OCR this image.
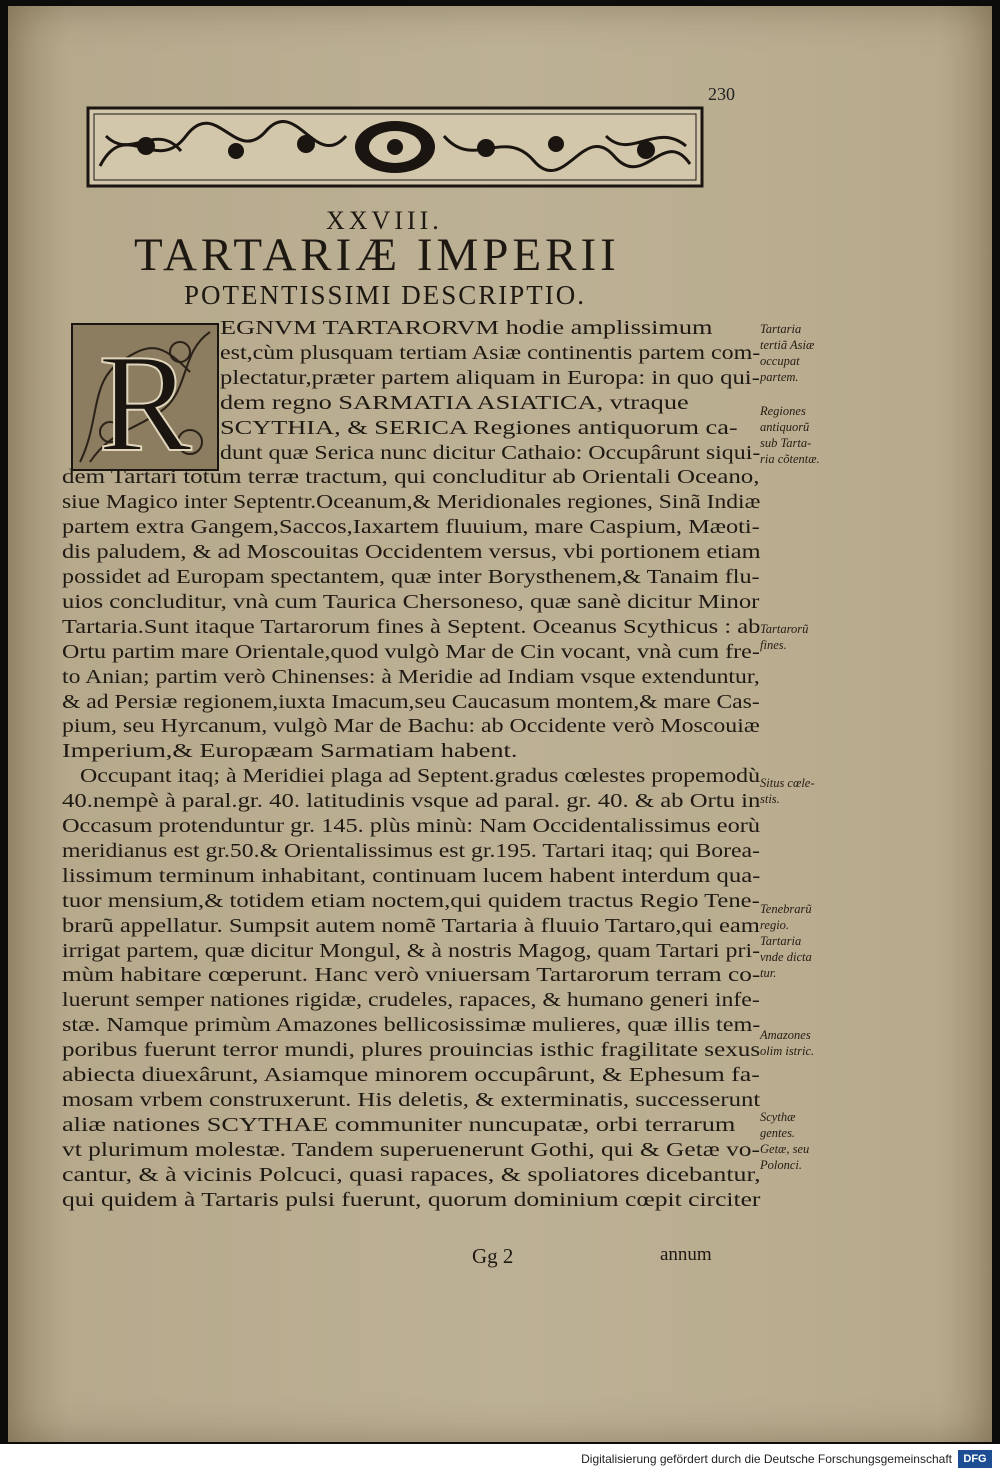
230
XXVIII.
TARTARIÆ IMPERII
POTENTISSIMI DESCRIPTIO.
R EGNVM TARTARORVM hodie amplissimum
est,cùm plusquam tertiam Asiæ continentis partem com-
plectatur,præter partem aliquam in Europa: in quo qui-
dem regno SARMATIA ASIATICA, vtraque
SCYTHIA, & SERICA Regiones antiquorum ca-
dunt quæ Serica nunc dicitur Cathaio: Occupârunt siqui-
dem Tartari totum terræ tractum, qui concluditur ab Orientali Oceano,
siue Magico inter Septentr.Oceanum,& Meridionales regiones, Sinã Indiæ
partem extra Gangem,Saccos,Iaxartem fluuium, mare Caspium, Mæoti-
dis paludem, & ad Moscouitas Occidentem versus, vbi portionem etiam
possidet ad Europam spectantem, quæ inter Borysthenem,& Tanaim flu-
uios concluditur, vnà cum Taurica Chersoneso, quæ sanè dicitur Minor
Tartaria.Sunt itaque Tartarorum fines à Septent. Oceanus Scythicus : ab
Ortu partim mare Orientale,quod vulgò Mar de Cin vocant, vnà cum fre-
to Anian; partim verò Chinenses: à Meridie ad Indiam vsque extenduntur,
& ad Persiæ regionem,iuxta Imacum,seu Caucasum montem,& mare Cas-
pium, seu Hyrcanum, vulgò Mar de Bachu: ab Occidente verò Moscouiæ
Imperium,& Europæam Sarmatiam habent.
Occupant itaq; à Meridiei plaga ad Septent.gradus cœlestes propemodù
40.nempè à paral.gr. 40. latitudinis vsque ad paral. gr. 40. & ab Ortu in
Occasum protenduntur gr. 145. plùs minù: Nam Occidentalissimus eorù
meridianus est gr.50.& Orientalissimus est gr.195. Tartari itaq; qui Borea-
lissimum terminum inhabitant, continuam lucem habent interdum qua-
tuor mensium,& totidem etiam noctem,qui quidem tractus Regio Tene-
brarũ appellatur. Sumpsit autem nomẽ Tartaria à fluuio Tartaro,qui eam
irrigat partem, quæ dicitur Mongul, & à nostris Magog, quam Tartari pri-
mùm habitare cœperunt. Hanc verò vniuersam Tartarorum terram co-
luerunt semper nationes rigidæ, crudeles, rapaces, & humano generi infe-
stæ. Namque primùm Amazones bellicosissimæ mulieres, quæ illis tem-
poribus fuerunt terror mundi, plures prouincias isthic fragilitate sexus
abiecta diuexârunt, Asiamque minorem occupârunt, & Ephesum fa-
mosam vrbem construxerunt. His deletis, & exterminatis, successerunt
aliæ nationes SCYTHAE communiter nuncupatæ, orbi terrarum
vt plurimum molestæ. Tandem superuenerunt Gothi, qui & Getæ vo-
cantur, & à vicinis Polcuci, quasi rapaces, & spoliatores dicebantur,
qui quidem à Tartaris pulsi fuerunt, quorum dominium cœpit circiter
Tartaria
tertiã Asiæ
occupat
partem.
Regiones
antiquorũ
sub Tarta-
ria cõtentæ.
Tartarorũ
fines.
Situs cœle-
stis.
Tenebrarũ
regio.
Tartaria
vnde dicta
tur.
Amazones
olim istric.
Scythæ
gentes.
Getæ, seu
Polonci.
Gg 2	annum
Digitalisierung gefördert durch die Deutsche Forschungsgemeinschaft	DFG
